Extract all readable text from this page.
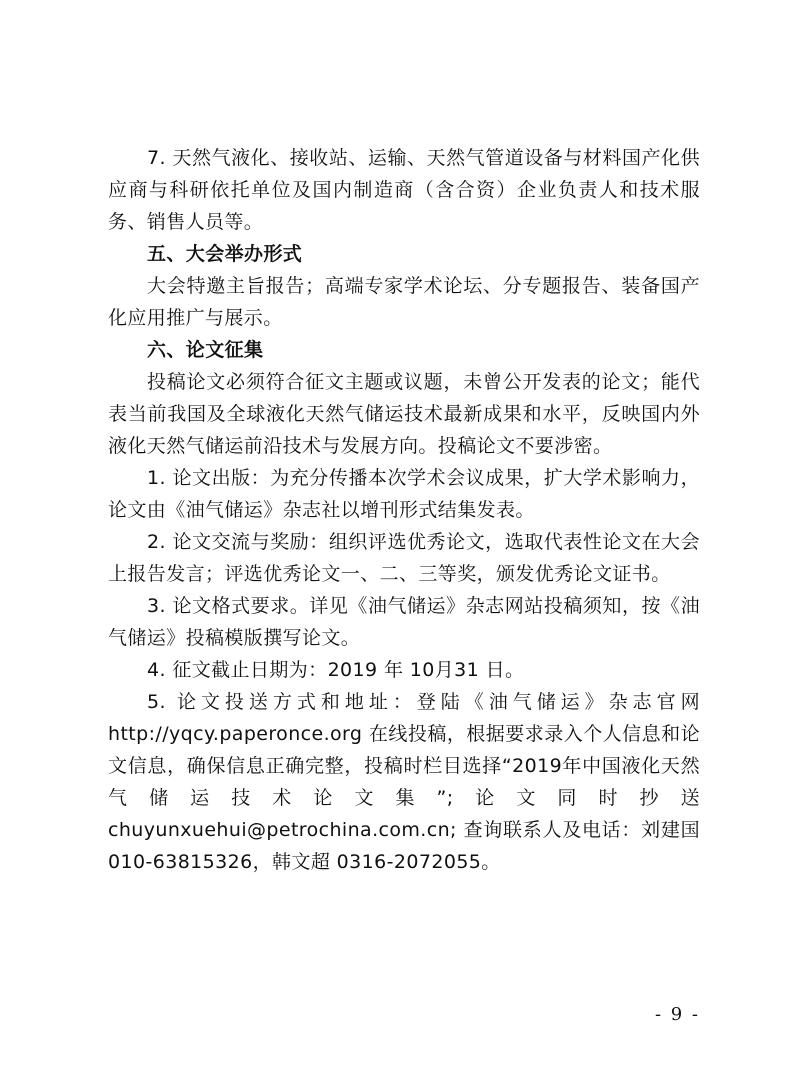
7. 天然气液化、接收站、运输、天然气管道设备与材料国产化供应商与科研依托单位及国内制造商（含合资）企业负责人和技术服务、销售人员等。

五、大会举办形式

大会特邀主旨报告；高端专家学术论坛、分专题报告、装备国产化应用推广与展示。

六、论文征集

投稿论文必须符合征文主题或议题，未曾公开发表的论文；能代表当前我国及全球液化天然气储运技术最新成果和水平，反映国内外液化天然气储运前沿技术与发展方向。投稿论文不要涉密。

1. 论文出版：为充分传播本次学术会议成果，扩大学术影响力，论文由《油气储运》杂志社以增刊形式结集发表。

2. 论文交流与奖励：组织评选优秀论文，选取代表性论文在大会上报告发言；评选优秀论文一、二、三等奖，颁发优秀论文证书。

3. 论文格式要求。详见《油气储运》杂志网站投稿须知，按《油气储运》投稿模版撰写论文。

4. 征文截止日期为：2019 年 10月31 日。

5. 论文投送方式和地址：登陆《油气储运》杂志官网 http://yqcy.paperonce.org 在线投稿，根据要求录入个人信息和论文信息，确保信息正确完整，投稿时栏目选择“2019年中国液化天然气储运技术论文集”;论文同时抄送 chuyunxuehui@petrochina.com.cn; 查询联系人及电话：刘建国 010-63815326，韩文超 0316-2072055。

- 9 -
